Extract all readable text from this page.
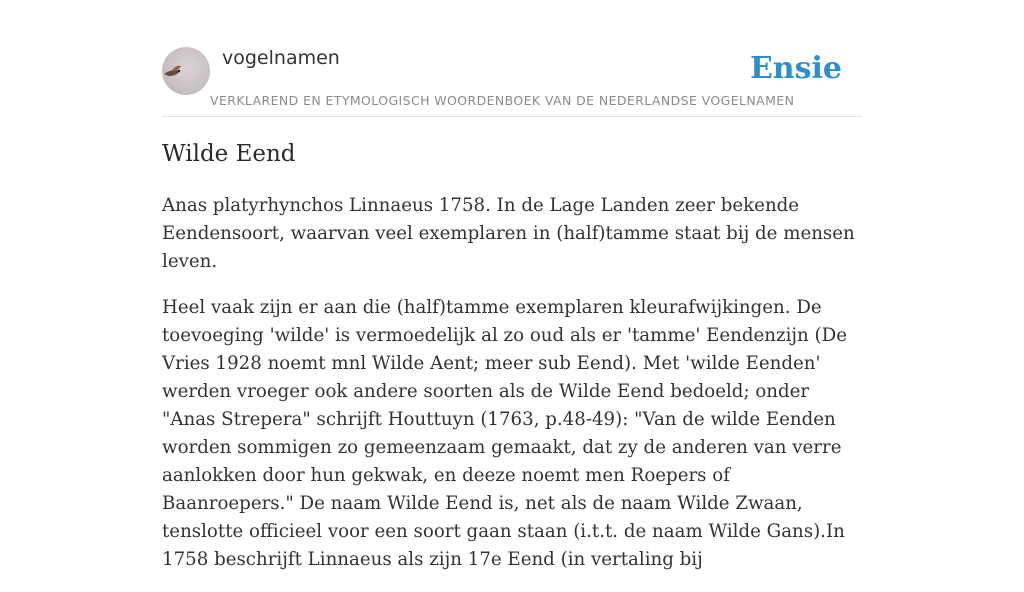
vogelnamen
VERKLAREND EN ETYMOLOGISCH WOORDENBOEK VAN DE NEDERLANDSE VOGELNAMEN
Ensie
Wilde Eend

Anas platyrhynchos Linnaeus 1758. In de Lage Landen zeer bekende Eendensoort, waarvan veel exemplaren in (half)tamme staat bij de mensen leven.

Heel vaak zijn er aan die (half)tamme exemplaren kleurafwijkingen. De toevoeging 'wilde' is vermoedelijk al zo oud als er 'tamme' Eendenzijn (De Vries 1928 noemt mnl Wilde Aent; meer sub Eend). Met 'wilde Eenden' werden vroeger ook andere soorten als de Wilde Eend bedoeld; onder "Anas Strepera" schrijft Houttuyn (1763, p.48-49): "Van de wilde Eenden worden sommigen zo gemeenzaam gemaakt, dat zy de anderen van verre aanlokken door hun gekwak, en deeze noemt men Roepers of Baanroepers." De naam Wilde Eend is, net als de naam Wilde Zwaan, tenslotte officieel voor een soort gaan staan (i.t.t. de naam Wilde Gans).In 1758 beschrijft Linnaeus als zijn 17e Eend (in vertaling bij
